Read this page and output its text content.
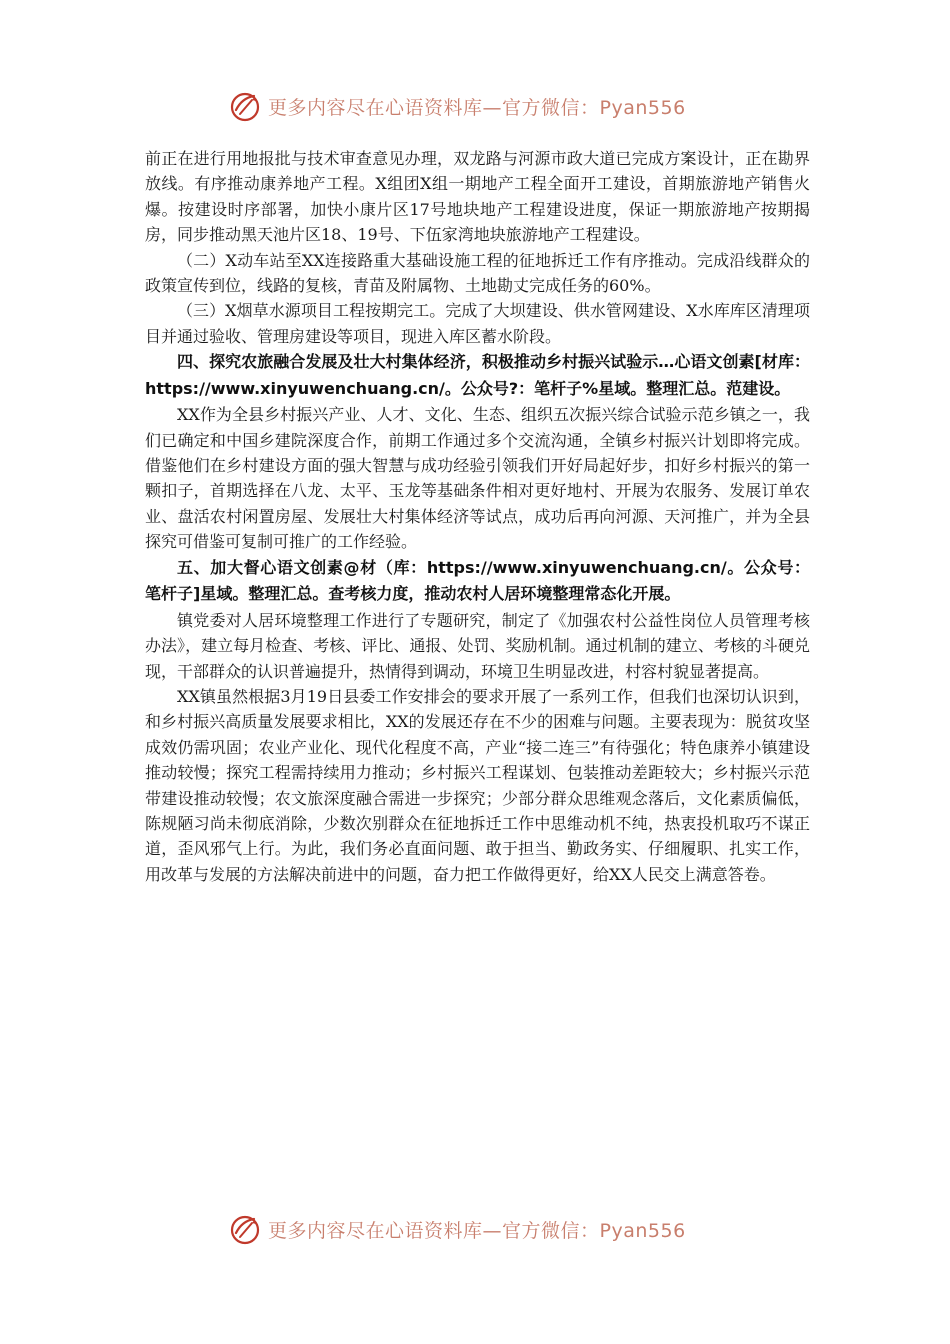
更多内容尽在心语资料库—官方微信：Pyan556

前正在进行用地报批与技术审查意见办理，双龙路与河源市政大道已完成方案设计，正在勘界放线。有序推动康养地产工程。X组团X组一期地产工程全面开工建设，首期旅游地产销售火爆。按建设时序部署，加快小康片区17号地块地产工程建设进度，保证一期旅游地产按期揭房，同步推动黑天池片区18、19号、下伍家湾地块旅游地产工程建设。

（二）X动车站至XX连接路重大基础设施工程的征地拆迁工作有序推动。完成沿线群众的政策宣传到位，线路的复核，青苗及附属物、土地勘丈完成任务的60%。

（三）X烟草水源项目工程按期完工。完成了大坝建设、供水管网建设、X水库库区清理项目并通过验收、管理房建设等项目，现进入库区蓄水阶段。

四、探究农旅融合发展及壮大村集体经济，积极推动乡村振兴试验示…心语文创素[材库：https://www.xinyuwenchuang.cn/。公众号?：笔杆子%星域。整理汇总。范建设。

XX作为全县乡村振兴产业、人才、文化、生态、组织五次振兴综合试验示范乡镇之一，我们已确定和中国乡建院深度合作，前期工作通过多个交流沟通，全镇乡村振兴计划即将完成。借鉴他们在乡村建设方面的强大智慧与成功经验引领我们开好局起好步，扣好乡村振兴的第一颗扣子，首期选择在八龙、太平、玉龙等基础条件相对更好地村、开展为农服务、发展订单农业、盘活农村闲置房屋、发展壮大村集体经济等试点，成功后再向河源、天河推广，并为全县探究可借鉴可复制可推广的工作经验。

五、加大督心语文创素@材（库：https://www.xinyuwenchuang.cn/。公众号：笔杆子]星域。整理汇总。查考核力度，推动农村人居环境整理常态化开展。

镇党委对人居环境整理工作进行了专题研究，制定了《加强农村公益性岗位人员管理考核办法》，建立每月检查、考核、评比、通报、处罚、奖励机制。通过机制的建立、考核的斗硬兑现，干部群众的认识普遍提升，热情得到调动，环境卫生明显改进，村容村貌显著提高。

XX镇虽然根据3月19日县委工作安排会的要求开展了一系列工作，但我们也深切认识到，和乡村振兴高质量发展要求相比，XX的发展还存在不少的困难与问题。主要表现为：脱贫攻坚成效仍需巩固；农业产业化、现代化程度不高，产业“接二连三”有待强化；特色康养小镇建设推动较慢；探究工程需持续用力推动；乡村振兴工程谋划、包装推动差距较大；乡村振兴示范带建设推动较慢；农文旅深度融合需进一步探究；少部分群众思维观念落后，文化素质偏低，陈规陋习尚未彻底消除，少数次别群众在征地拆迁工作中思维动机不纯，热衷投机取巧不谋正道，歪风邪气上行。为此，我们务必直面问题、敢于担当、勤政务实、仔细履职、扎实工作，用改革与发展的方法解决前进中的问题，奋力把工作做得更好，给XX人民交上满意答卷。

更多内容尽在心语资料库—官方微信：Pyan556
